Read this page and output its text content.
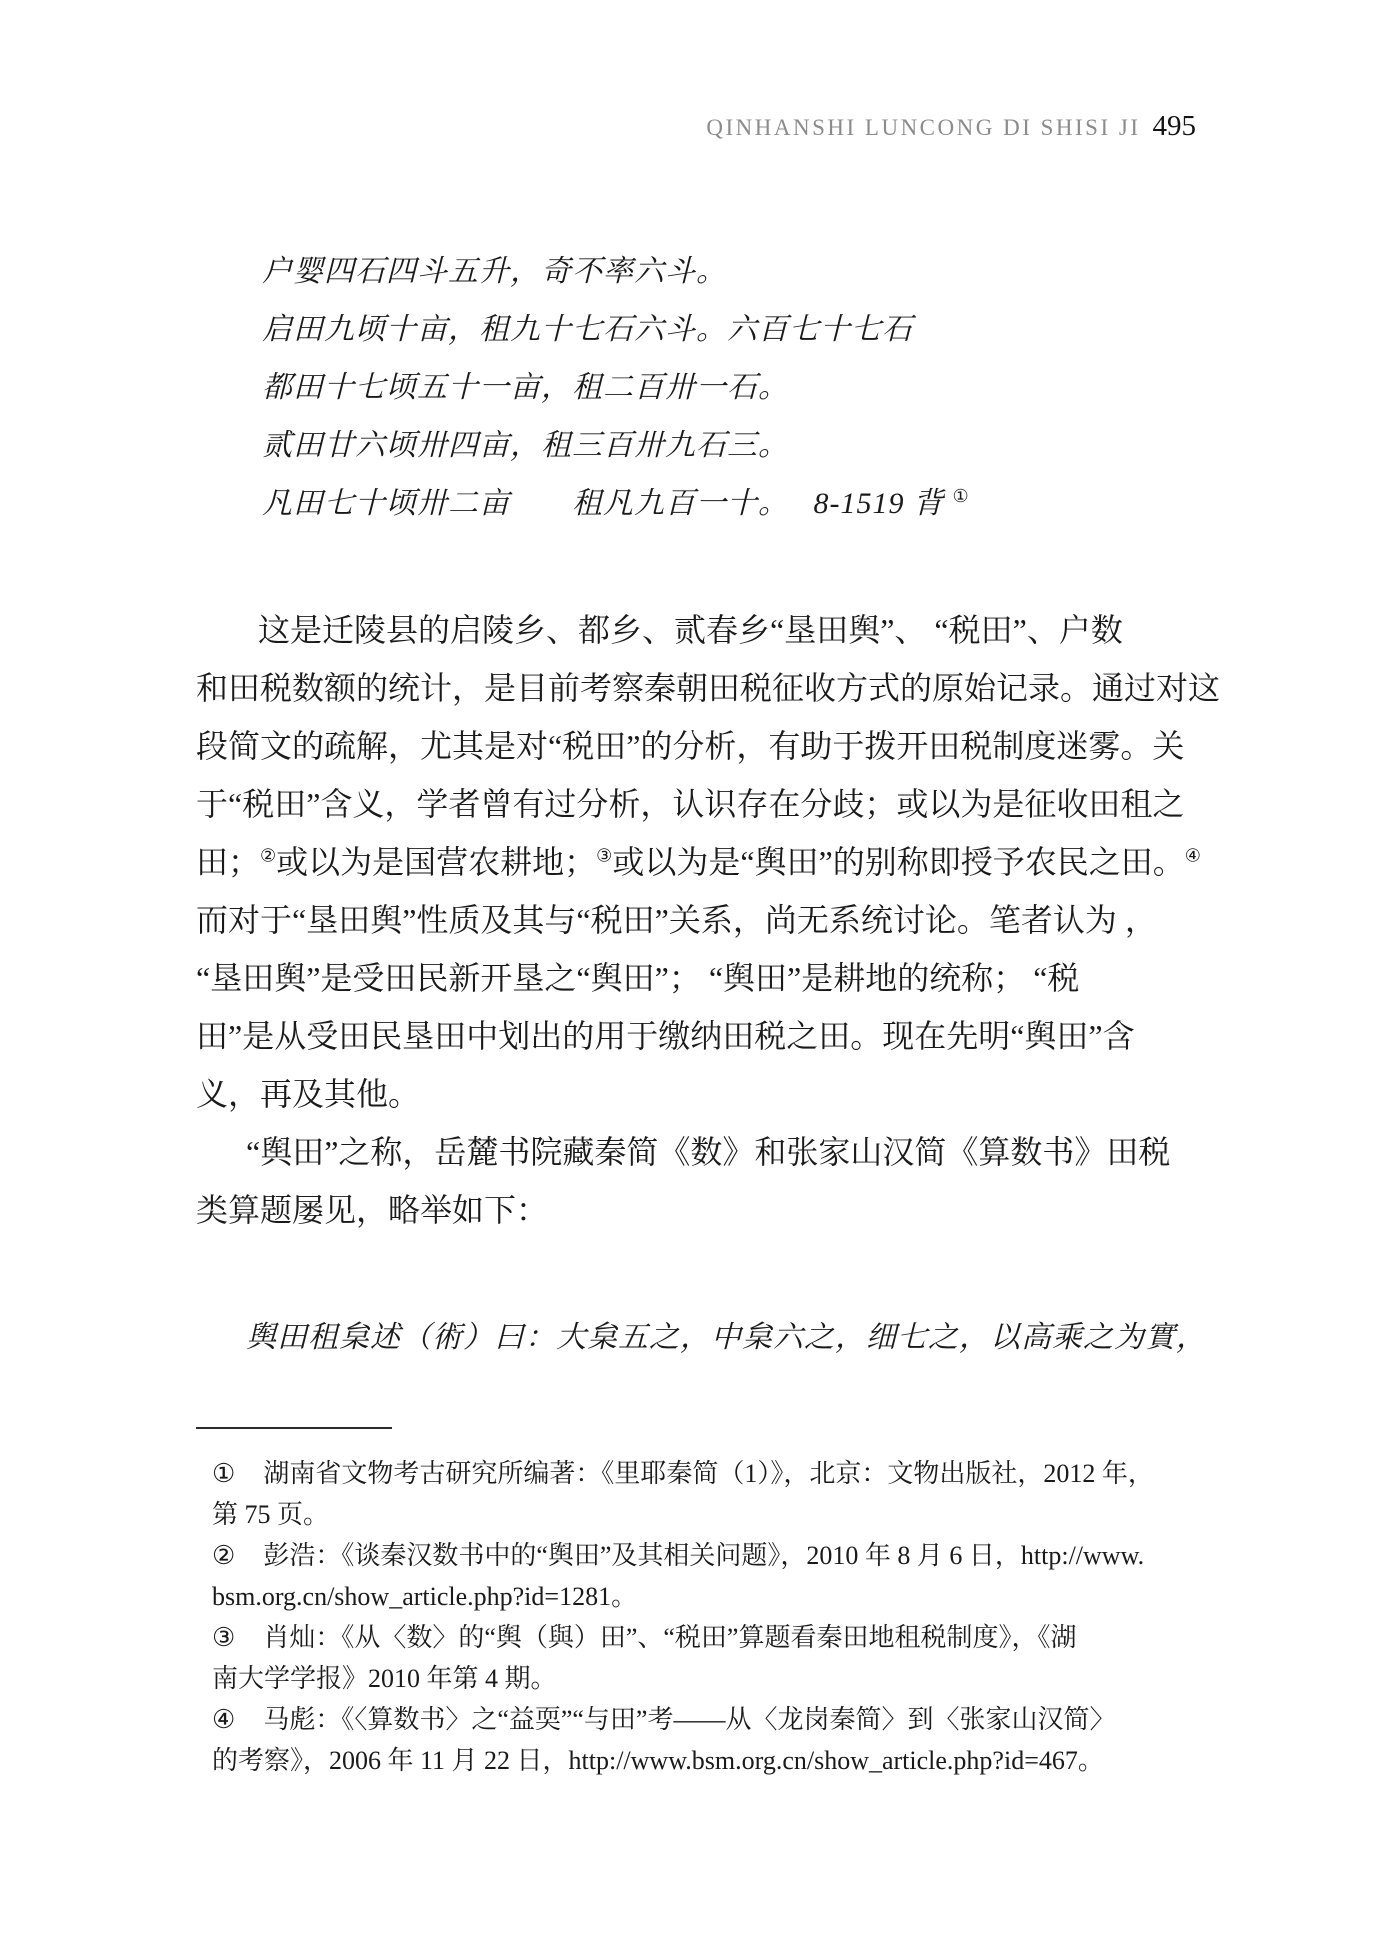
QINHANSHI LUNCONG DI SHISI JI 495
户婴四石四斗五升，奇不率六斗。
启田九顷十亩，租九十七石六斗。六百七十七石
都田十七顷五十一亩，租二百卅一石。
贰田廿六顷卅四亩，租三百卅九石三。
凡田七十顷卅二亩　　租凡九百一十。　 8-1519 背 ①
这是迁陵县的启陵乡、都乡、贰春乡“垦田舆”、 “税田”、户数
和田税数额的统计，是目前考察秦朝田税征收方式的原始记录。通过对这
段简文的疏解，尤其是对“税田”的分析，有助于拨开田税制度迷雾。关
于“税田”含义，学者曾有过分析，认识存在分歧；或以为是征收田租之
田；②或以为是国营农耕地；③或以为是“舆田”的别称即授予农民之田。④
而对于“垦田舆”性质及其与“税田”关系，尚无系统讨论。笔者认为 ，
“垦田舆”是受田民新开垦之“舆田”； “舆田”是耕地的统称； “税
田”是从受田民垦田中划出的用于缴纳田税之田。现在先明“舆田”含
义，再及其他。
“舆田”之称，岳麓书院藏秦简《数》和张家山汉简《算数书》田税
类算题屡见，略举如下：
舆田租枲述（術）曰：大枲五之，中枲六之，细七之，以高乘之为實，
① 湖南省文物考古研究所编著：《里耶秦简（1）》，北京：文物出版社，2012 年，
第 75 页。
② 彭浩：《谈秦汉数书中的“舆田”及其相关问题》，2010 年 8 月 6 日，http://www.
bsm.org.cn/show_article.php?id=1281。
③ 肖灿：《从〈数〉的“舆（與）田”、“税田”算题看秦田地租税制度》，《湖
南大学学报》2010 年第 4 期。
④ 马彪：《〈算数书〉之“益耎”“与田”考——从〈龙岗秦简〉到〈张家山汉简〉
的考察》，2006 年 11 月 22 日，http://www.bsm.org.cn/show_article.php?id=467。
